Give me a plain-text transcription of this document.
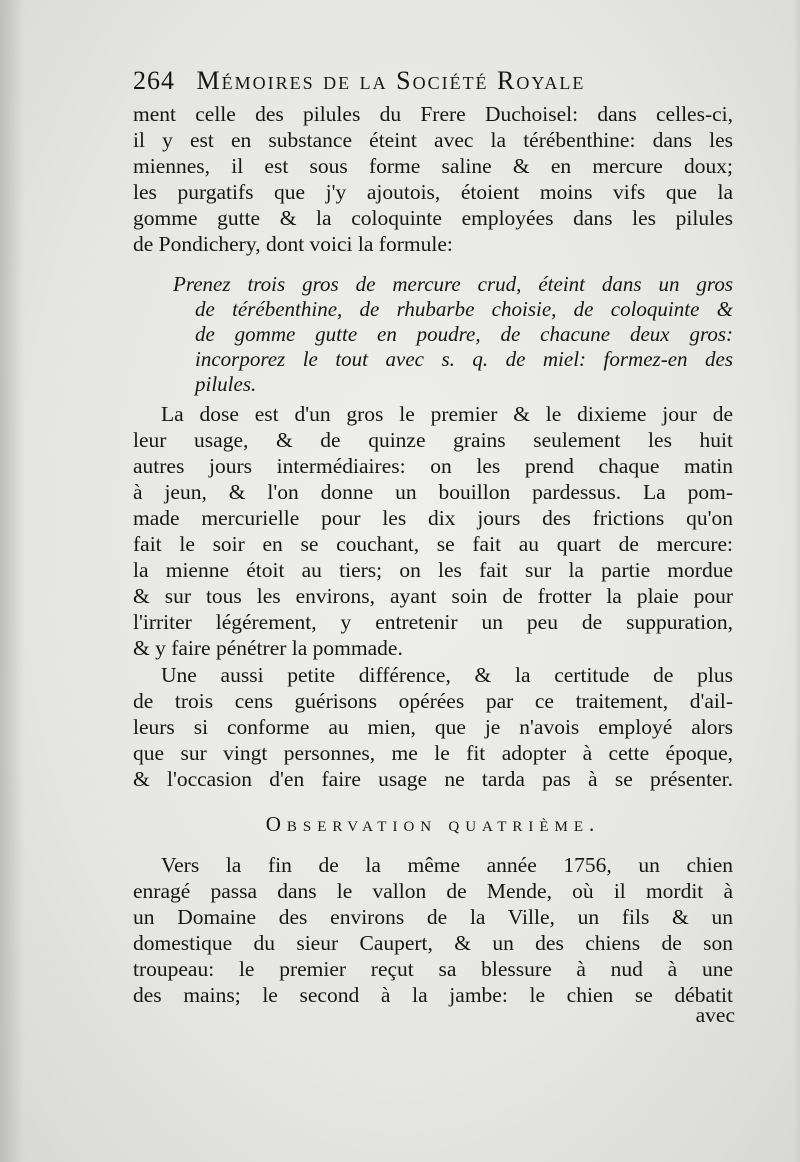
264 Mémoires de la Société Royale
ment celle des pilules du Frere Duchoisel: dans celles-ci,
il y est en substance éteint avec la térébenthine: dans les
miennes, il est sous forme saline & en mercure doux;
les purgatifs que j'y ajoutois, étoient moins vifs que la
gomme gutte & la coloquinte employées dans les pilules
de Pondichery, dont voici la formule:
Prenez trois gros de mercure crud, éteint dans un gros
de térébenthine, de rhubarbe choisie, de coloquinte &
de gomme gutte en poudre, de chacune deux gros:
incorporez le tout avec s. q. de miel: formez-en des
pilules.
La dose est d'un gros le premier & le dixieme jour de
leur usage, & de quinze grains seulement les huit
autres jours intermédiaires: on les prend chaque matin
à jeun, & l'on donne un bouillon pardessus. La pom-
made mercurielle pour les dix jours des frictions qu'on
fait le soir en se couchant, se fait au quart de mercure:
la mienne étoit au tiers; on les fait sur la partie mordue
& sur tous les environs, ayant soin de frotter la plaie pour
l'irriter légérement, y entretenir un peu de suppuration,
& y faire pénétrer la pommade.
Une aussi petite différence, & la certitude de plus
de trois cens guérisons opérées par ce traitement, d'ail-
leurs si conforme au mien, que je n'avois employé alors
que sur vingt personnes, me le fit adopter à cette époque,
& l'occasion d'en faire usage ne tarda pas à se présenter.
Observation quatrième.
Vers la fin de la même année 1756, un chien
enragé passa dans le vallon de Mende, où il mordit à
un Domaine des environs de la Ville, un fils & un
domestique du sieur Caupert, & un des chiens de son
troupeau: le premier reçut sa blessure à nud à une
des mains; le second à la jambe: le chien se débatit
avec
